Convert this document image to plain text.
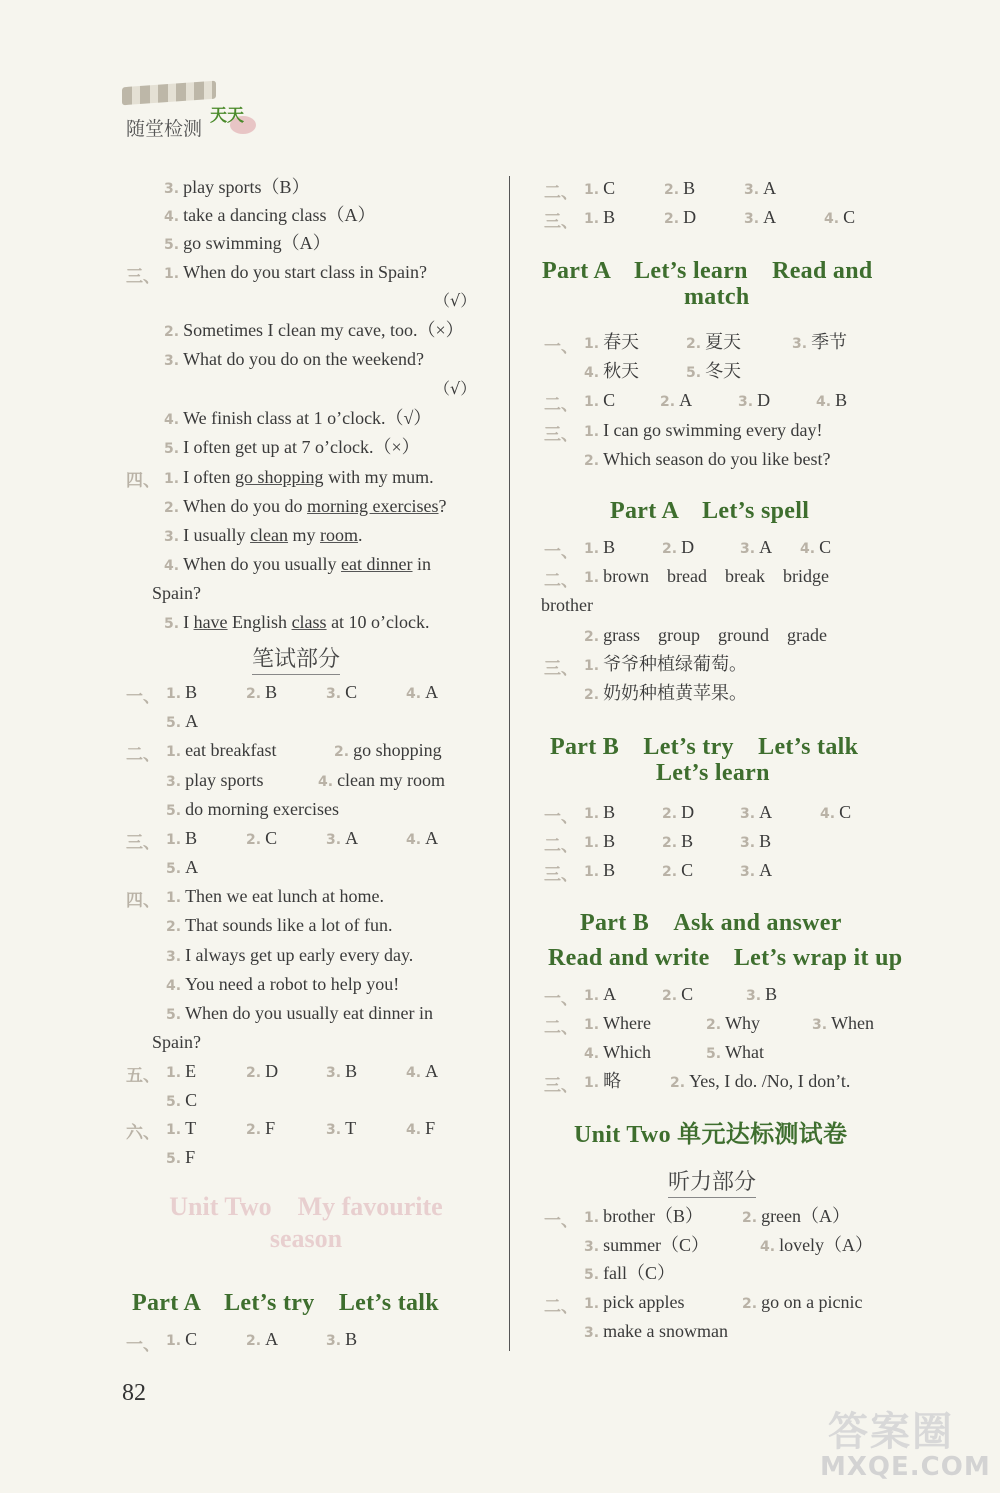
随堂检测
天天
3. play sports（B）
4. take a dancing class（A）
5. go swimming（A）
三、 1. When do you start class in Spain?
（√）
2. Sometimes I clean my cave, too.（×）
3. What do you do on the weekend?
（√）
4. We finish class at 1 o’clock.（√）
5. I often get up at 7 o’clock.（×）
四、 1. I often go shopping with my mum.
2. When do you do morning exercises?
3. I usually clean my room.
4. When do you usually eat dinner in
Spain?
5. I have English class at 10 o’clock.
笔试部分
一、 1. B	2. B	3. C	4. A
5. A
二、 1. eat breakfast	2. go shopping
3. play sports	4. clean my room
5. do morning exercises
三、 1. B	2. C	3. A	4. A
5. A
四、 1. Then we eat lunch at home.
2. That sounds like a lot of fun.
3. I always get up early every day.
4. You need a robot to help you!
5. When do you usually eat dinner in
Spain?
五、 1. E	2. D	3. B	4. A
5. C
六、 1. T	2. F	3. T	4. F
5. F
Unit Two　My favourite
season
Part A　Let’s try　Let’s talk
一、 1. C	2. A	3. B
二、 1. C	2. B	3. A
三、 1. B	2. D	3. A	4. C
Part A　Let’s learn　Read and
match
一、 1. 春天	2. 夏天	3. 季节
4. 秋天	5. 冬天
二、 1. C	2. A	3. D	4. B
三、 1. I can go swimming every day!
2. Which season do you like best?
Part A　Let’s spell
一、 1. B	2. D	3. A 4. C
二、 1. brown　bread　break　bridge
brother
2. grass　group　ground　grade
三、 1. 爷爷种植绿葡萄。
2. 奶奶种植黄苹果。
Part B　Let’s try　Let’s talk
Let’s learn
一、 1. B	2. D	3. A	4. C
二、 1. B	2. B	3. B
三、 1. B	2. C	3. A
Part B　Ask and answer
Read and write　Let’s wrap it up
一、 1. A	2. C	3. B
二、 1. Where	2. Why	3. When
4. Which	5. What
三、 1. 略	2. Yes, I do. /No, I don’t.
Unit Two 单元达标测试卷
听力部分
一、 1. brother（B）	2. green（A）
3. summer（C）	4. lovely（A）
5. fall（C）
二、 1. pick apples	2. go on a picnic
3. make a snowman
82
答案圈
MXQE.COM
